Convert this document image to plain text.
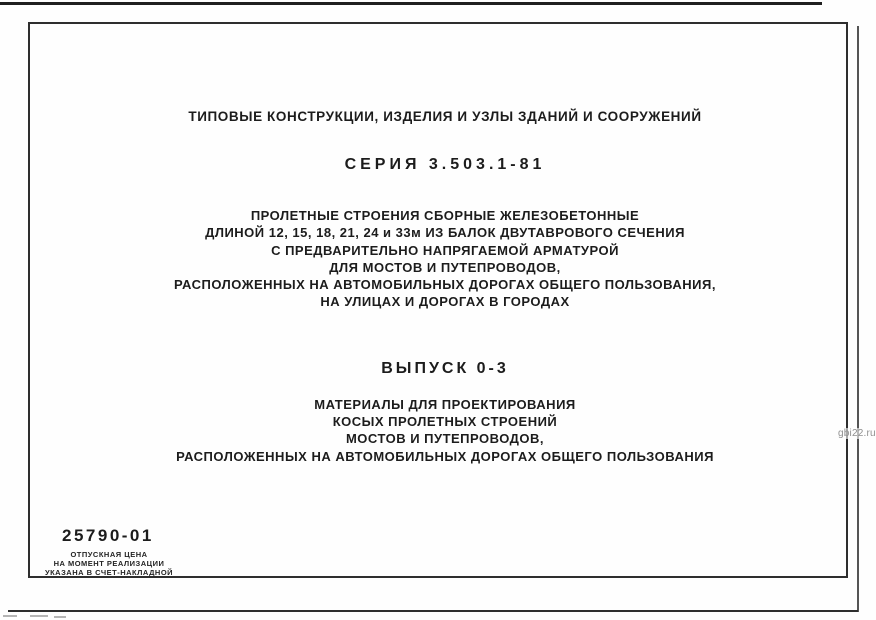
ТИПОВЫЕ КОНСТРУКЦИИ, ИЗДЕЛИЯ И УЗЛЫ ЗДАНИЙ И СООРУЖЕНИЙ
СЕРИЯ 3.503.1-81
ПРОЛЕТНЫЕ СТРОЕНИЯ СБОРНЫЕ ЖЕЛЕЗОБЕТОННЫЕ
ДЛИНОЙ 12, 15, 18, 21, 24 и 33м ИЗ БАЛОК ДВУТАВРОВОГО СЕЧЕНИЯ
С ПРЕДВАРИТЕЛЬНО НАПРЯГАЕМОЙ АРМАТУРОЙ
ДЛЯ МОСТОВ И ПУТЕПРОВОДОВ,
РАСПОЛОЖЕННЫХ НА АВТОМОБИЛЬНЫХ ДОРОГАХ ОБЩЕГО ПОЛЬЗОВАНИЯ,
НА УЛИЦАХ И ДОРОГАХ В ГОРОДАХ
ВЫПУСК 0-3
МАТЕРИАЛЫ ДЛЯ ПРОЕКТИРОВАНИЯ
КОСЫХ ПРОЛЕТНЫХ СТРОЕНИЙ
МОСТОВ И ПУТЕПРОВОДОВ,
РАСПОЛОЖЕННЫХ НА АВТОМОБИЛЬНЫХ ДОРОГАХ ОБЩЕГО ПОЛЬЗОВАНИЯ
25790-01
ОТПУСКНАЯ ЦЕНА
НА МОМЕНТ РЕАЛИЗАЦИИ
УКАЗАНА В СЧЕТ-НАКЛАДНОЙ
gbi22.ru
